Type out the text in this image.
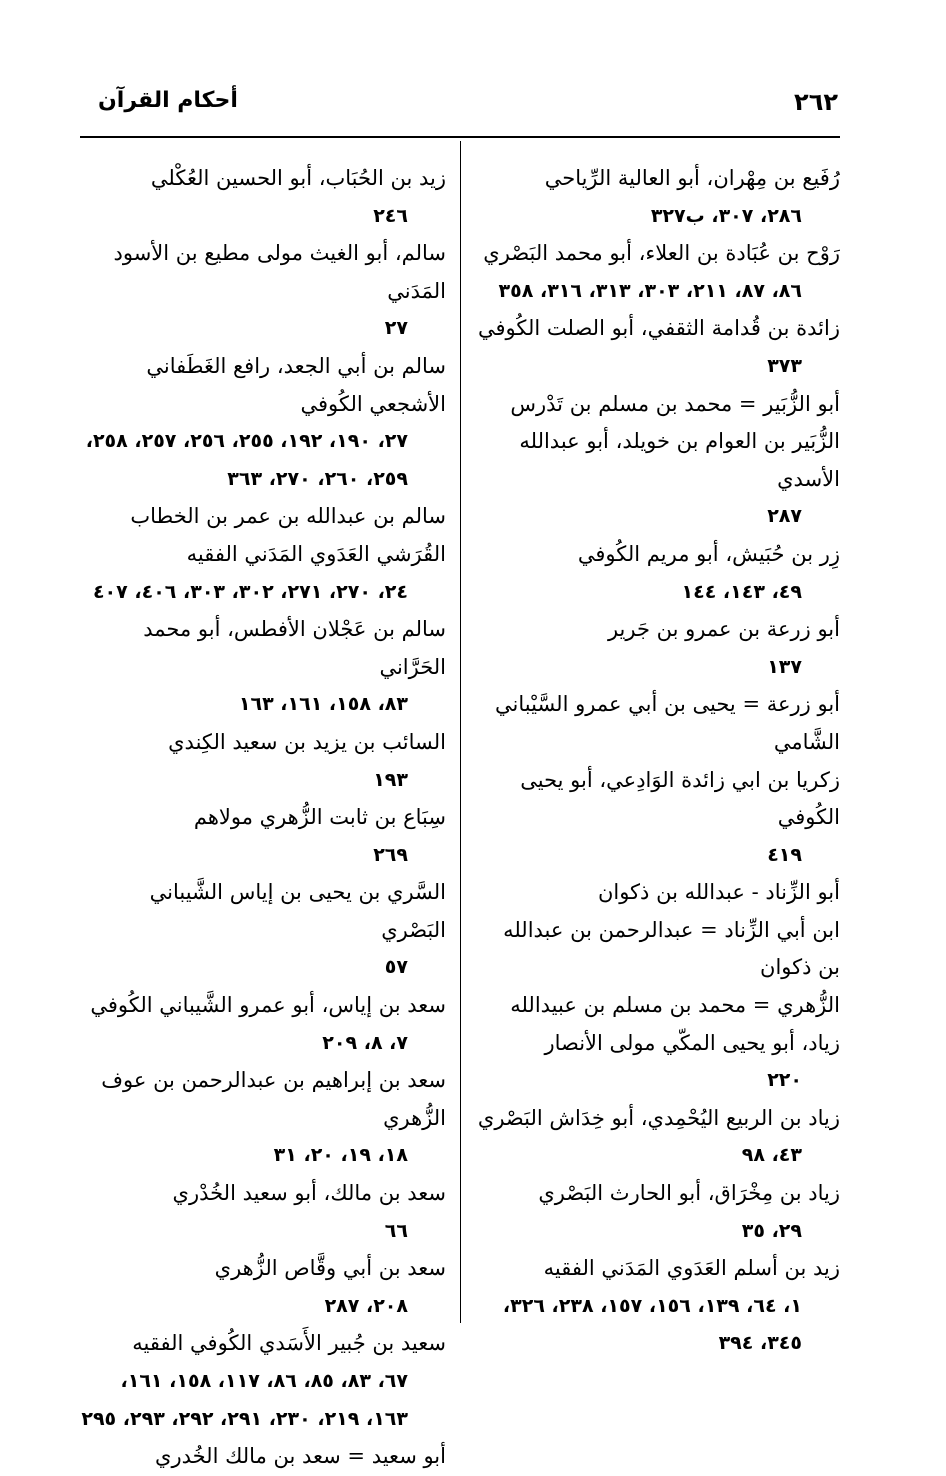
٢٦٢
أحكام القرآن
رُفَيع بن مِهْران، أبو العالية الرِّياحي
٢٨٦، ٣٠٧، ب٣٢٧
رَوْح بن عُبَادة بن العلاء، أبو محمد البَصْري
٨٦، ٨٧، ٢١١، ٣٠٣، ٣١٣، ٣١٦، ٣٥٨
زائدة بن قُدامة الثقفي، أبو الصلت الكُوفي
٣٧٣
أبو الزُّبَير = محمد بن مسلم بن تَدْرس
الزُّبَير بن العوام بن خويلد، أبو عبدالله الأسدي
٢٨٧
زِر بن حُبَيش، أبو مريم الكُوفي
٤٩، ١٤٣، ١٤٤
أبو زرعة بن عمرو بن جَرير
١٣٧
أبو زرعة = يحيى بن أبي عمرو السَّيْباني الشَّامي
زكريا بن ابي زائدة الوَادِعي، أبو يحيى الكُوفي
٤١٩
أبو الزِّناد - عبدالله بن ذكوان
ابن أبي الزِّناد = عبدالرحمن بن عبدالله بن ذكوان
الزُّهري = محمد بن مسلم بن عبيدالله
زياد، أبو يحيى المكّي مولى الأنصار
٢٢٠
زياد بن الربيع اليُحْمِدي، أبو خِدَاش البَصْري
٤٣، ٩٨
زياد بن مِخْرَاق، أبو الحارث البَصْري
٢٩، ٣٥
زيد بن أسلم العَدَوي المَدَني الفقيه
١، ٦٤، ١٣٩، ١٥٦، ١٥٧، ٢٣٨، ٣٢٦، ٣٤٥، ٣٩٤
زيد بن الحُبَاب، أبو الحسين العُكْلي
٢٤٦
سالم، أبو الغيث مولى مطيع بن الأسود المَدَني
٢٧
سالم بن أبي الجعد، رافع الغَطَفاني الأشجعي الكُوفي
٢٧، ١٩٠، ١٩٢، ٢٥٥، ٢٥٦، ٢٥٧، ٢٥٨، ٢٥٩، ٢٦٠، ٢٧٠، ٣٦٣
سالم بن عبدالله بن عمر بن الخطاب القُرَشي العَدَوي المَدَني الفقيه
٢٤، ٢٧٠، ٢٧١، ٣٠٢، ٣٠٣، ٤٠٦، ٤٠٧
سالم بن عَجْلان الأفطس، أبو محمد الحَرَّاني
٨٣، ١٥٨، ١٦١، ١٦٣
السائب بن يزيد بن سعيد الكِندي
١٩٣
سِبَاع بن ثابت الزُّهري مولاهم
٢٦٩
السَّري بن يحيى بن إياس الشَّيباني البَصْري
٥٧
سعد بن إياس، أبو عمرو الشَّيباني الكُوفي
٧، ٨، ٢٠٩
سعد بن إبراهيم بن عبدالرحمن بن عوف الزُّهري
١٨، ١٩، ٢٠، ٣١
سعد بن مالك، أبو سعيد الخُدْري
٦٦
سعد بن أبي وقَّاص الزُّهري
٢٠٨، ٢٨٧
سعيد بن جُبير الأَسَدي الكُوفي الفقيه
٦٧، ٨٣، ٨٥، ٨٦، ١١٧، ١٥٨، ١٦١، ١٦٣، ٢١٩، ٢٣٠، ٢٩١، ٢٩٢، ٢٩٣، ٢٩٥
أبو سعيد = سعد بن مالك الخُدري
